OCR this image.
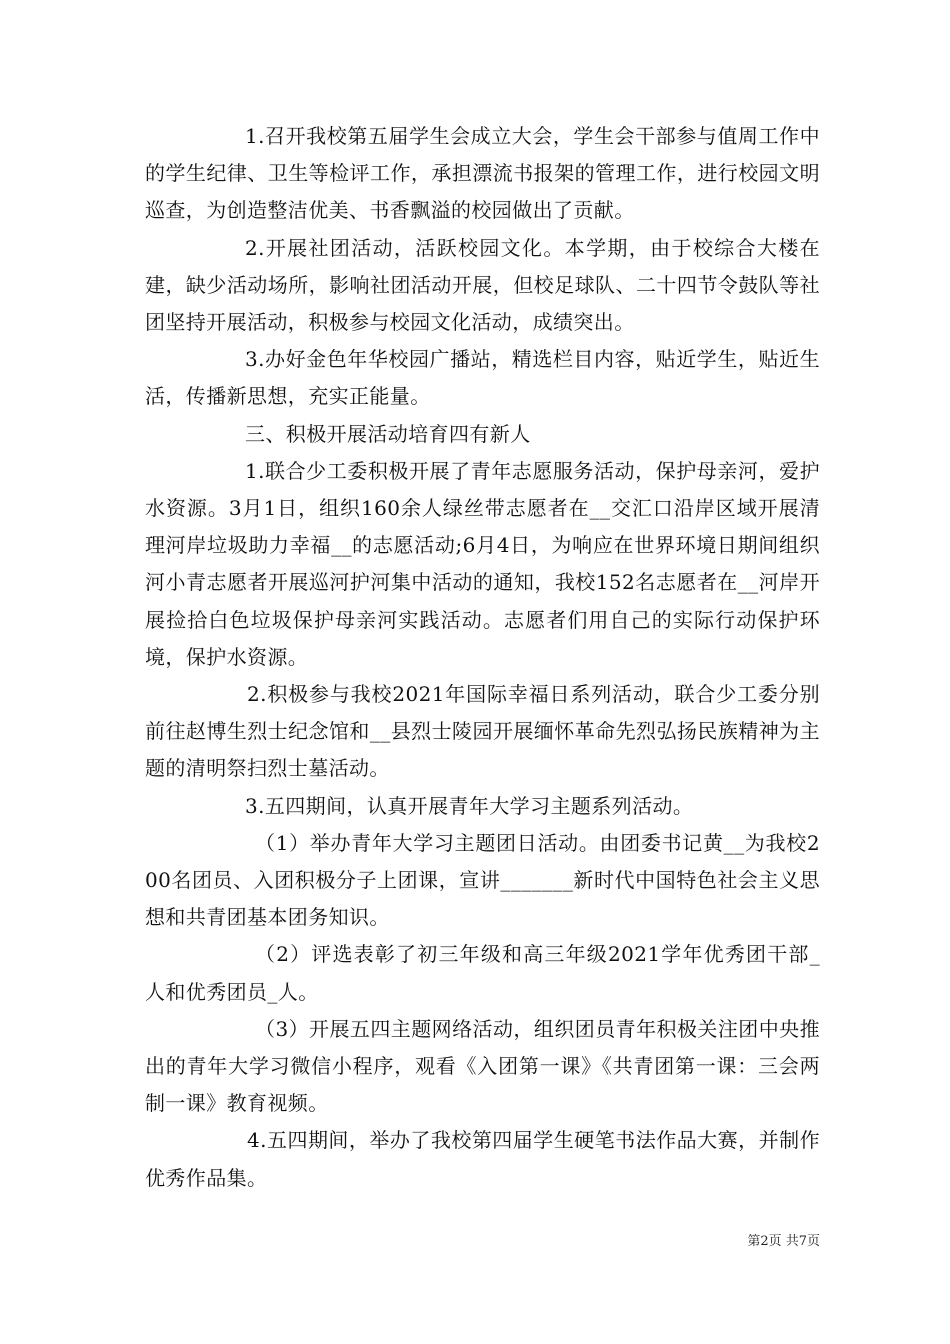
1.召开我校第五届学生会成立大会，学生会干部参与值周工作中的学生纪律、卫生等检评工作，承担漂流书报架的管理工作，进行校园文明巡查，为创造整洁优美、书香飘溢的校园做出了贡献。

2.开展社团活动，活跃校园文化。本学期，由于校综合大楼在建，缺少活动场所，影响社团活动开展，但校足球队、二十四节令鼓队等社团坚持开展活动，积极参与校园文化活动，成绩突出。

3.办好金色年华校园广播站，精选栏目内容，贴近学生，贴近生活，传播新思想，充实正能量。

三、积极开展活动培育四有新人

1.联合少工委积极开展了青年志愿服务活动，保护母亲河，爱护水资源。3月1日，组织160余人绿丝带志愿者在__交汇口沿岸区域开展清理河岸垃圾助力幸福__的志愿活动;6月4日，为响应在世界环境日期间组织河小青志愿者开展巡河护河集中活动的通知，我校152名志愿者在__河岸开展捡拾白色垃圾保护母亲河实践活动。志愿者们用自己的实际行动保护环境，保护水资源。

2.积极参与我校2021年国际幸福日系列活动，联合少工委分别前往赵博生烈士纪念馆和__县烈士陵园开展缅怀革命先烈弘扬民族精神为主题的清明祭扫烈士墓活动。

3.五四期间，认真开展青年大学习主题系列活动。

（1）举办青年大学习主题团日活动。由团委书记黄__为我校200名团员、入团积极分子上团课，宣讲_______新时代中国特色社会主义思想和共青团基本团务知识。

（2）评选表彰了初三年级和高三年级2021学年优秀团干部_人和优秀团员_人。

（3）开展五四主题网络活动，组织团员青年积极关注团中央推出的青年大学习微信小程序，观看《入团第一课》《共青团第一课：三会两制一课》教育视频。

4.五四期间，举办了我校第四届学生硬笔书法作品大赛，并制作优秀作品集。

第2页 共7页
